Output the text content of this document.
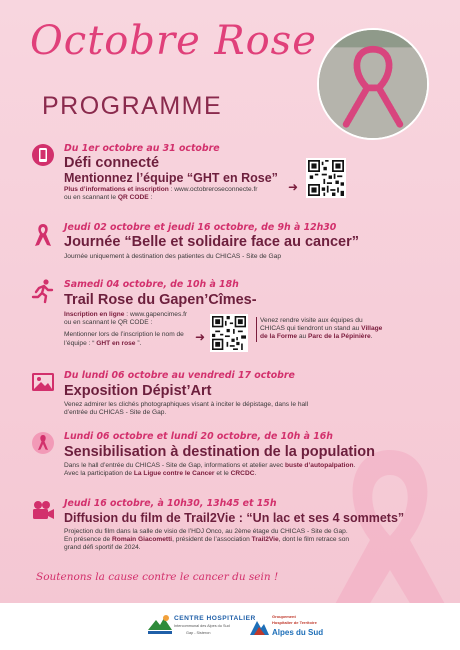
Octobre Rose
PROGRAMME
Du 1er octobre au 31 octobre
Défi connecté
Mentionnez l’équipe “GHT en Rose”
Plus d’informations et inscription : www.octobreroseconnecte.fr
ou en scannant le QR CODE :
➜
Jeudi 02 octobre et jeudi 16 octobre, de 9h à 12h30
Journée “Belle et solidaire face au cancer”
Journée uniquement à destination des patientes du CHICAS - Site de Gap
Samedi 04 octobre, de 10h à 18h
Trail Rose du Gapen’Cîmes-
Inscription en ligne : www.gapencimes.fr
ou en scannant le QR CODE :

Mentionner lors de l’inscription le nom de
l’équipe : “ GHT en rose ”.	➜
Venez rendre visite aux équipes du
CHICAS qui tiendront un stand au Village
de la Forme au Parc de la Pépinière.
Du lundi 06 octobre au vendredi 17 octobre
Exposition Dépist’Art
Venez admirer les clichés photographiques visant à inciter le dépistage, dans le hall
d’entrée du CHICAS - Site de Gap.
Lundi 06 octobre et lundi 20 octobre, de 10h à 16h
Sensibilisation à destination de la population
Dans le hall d’entrée du CHICAS - Site de Gap, informations et atelier avec buste d’autopalpation.
Avec la participation de La Ligue contre le Cancer et le CRCDC.
Jeudi 16 octobre, à 10h30, 13h45 et 15h
Diffusion du film de Trail2Vie : “Un lac et ses 4 sommets”
Projection du film dans la salle de visio de l’HDJ Onco, au 2ème étage du CHICAS - Site de Gap.
En présence de Romain Giacometti, président de l’association Trail2Vie, dont le film retrace son
grand défi sportif de 2024.
Soutenons la cause contre le cancer du sein !
CENTRE HOSPITALIER
Intercommunal des Alpes du Sud
Gap - Sisteron
Groupement
Hospitalier de Territoire
Alpes du Sud
